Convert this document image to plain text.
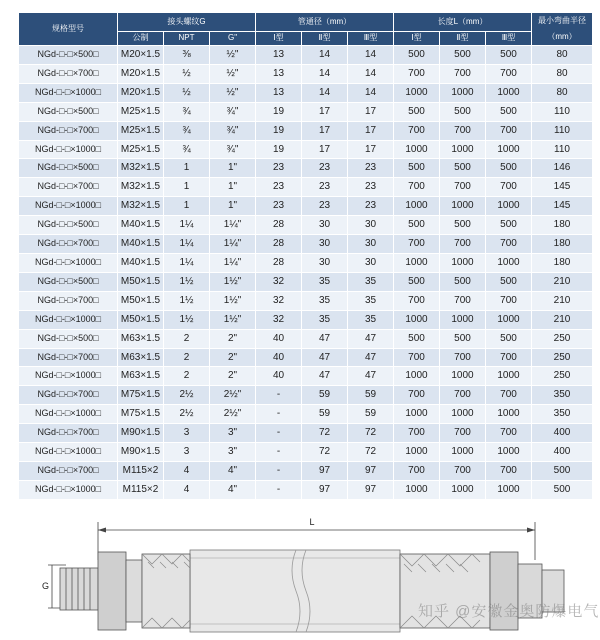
规格型号	接头螺纹G			管通径（mm）			长度L（mm）			最小弯曲半径（mm）
	公制	NPT	G"	Ⅰ型	Ⅱ型	Ⅲ型	Ⅰ型	Ⅱ型	Ⅲ型	
NGd-□-□×500□	M20×1.5	⅜	½"	13	14	14	500	500	500	80
NGd-□-□×700□	M20×1.5	½	½"	13	14	14	700	700	700	80
NGd-□-□×1000□	M20×1.5	½	½"	13	14	14	1000	1000	1000	80
NGd-□-□×500□	M25×1.5	¾	¾"	19	17	17	500	500	500	110
NGd-□-□×700□	M25×1.5	¾	¾"	19	17	17	700	700	700	110
NGd-□-□×1000□	M25×1.5	¾	¾"	19	17	17	1000	1000	1000	110
NGd-□-□×500□	M32×1.5	1	1"	23	23	23	500	500	500	146
NGd-□-□×700□	M32×1.5	1	1"	23	23	23	700	700	700	145
NGd-□-□×1000□	M32×1.5	1	1"	23	23	23	1000	1000	1000	145
NGd-□-□×500□	M40×1.5	1¼	1¼"	28	30	30	500	500	500	180
NGd-□-□×700□	M40×1.5	1¼	1¼"	28	30	30	700	700	700	180
NGd-□-□×1000□	M40×1.5	1¼	1¼"	28	30	30	1000	1000	1000	180
NGd-□-□×500□	M50×1.5	1½	1½"	32	35	35	500	500	500	210
NGd-□-□×700□	M50×1.5	1½	1½"	32	35	35	700	700	700	210
NGd-□-□×1000□	M50×1.5	1½	1½"	32	35	35	1000	1000	1000	210
NGd-□-□×500□	M63×1.5	2	2"	40	47	47	500	500	500	250
NGd-□-□×700□	M63×1.5	2	2"	40	47	47	700	700	700	250
NGd-□-□×1000□	M63×1.5	2	2"	40	47	47	1000	1000	1000	250
NGd-□-□×700□	M75×1.5	2½	2½"	-	59	59	700	700	700	350
NGd-□-□×1000□	M75×1.5	2½	2½"	-	59	59	1000	1000	1000	350
NGd-□-□×700□	M90×1.5	3	3"	-	72	72	700	700	700	400
NGd-□-□×1000□	M90×1.5	3	3"	-	72	72	1000	1000	1000	400
NGd-□-□×700□	M115×2	4	4"	-	97	97	700	700	700	500
NGd-□-□×1000□	M115×2	4	4"	-	97	97	1000	1000	1000	500
L
G
知乎 @安徽金奥防爆电气
